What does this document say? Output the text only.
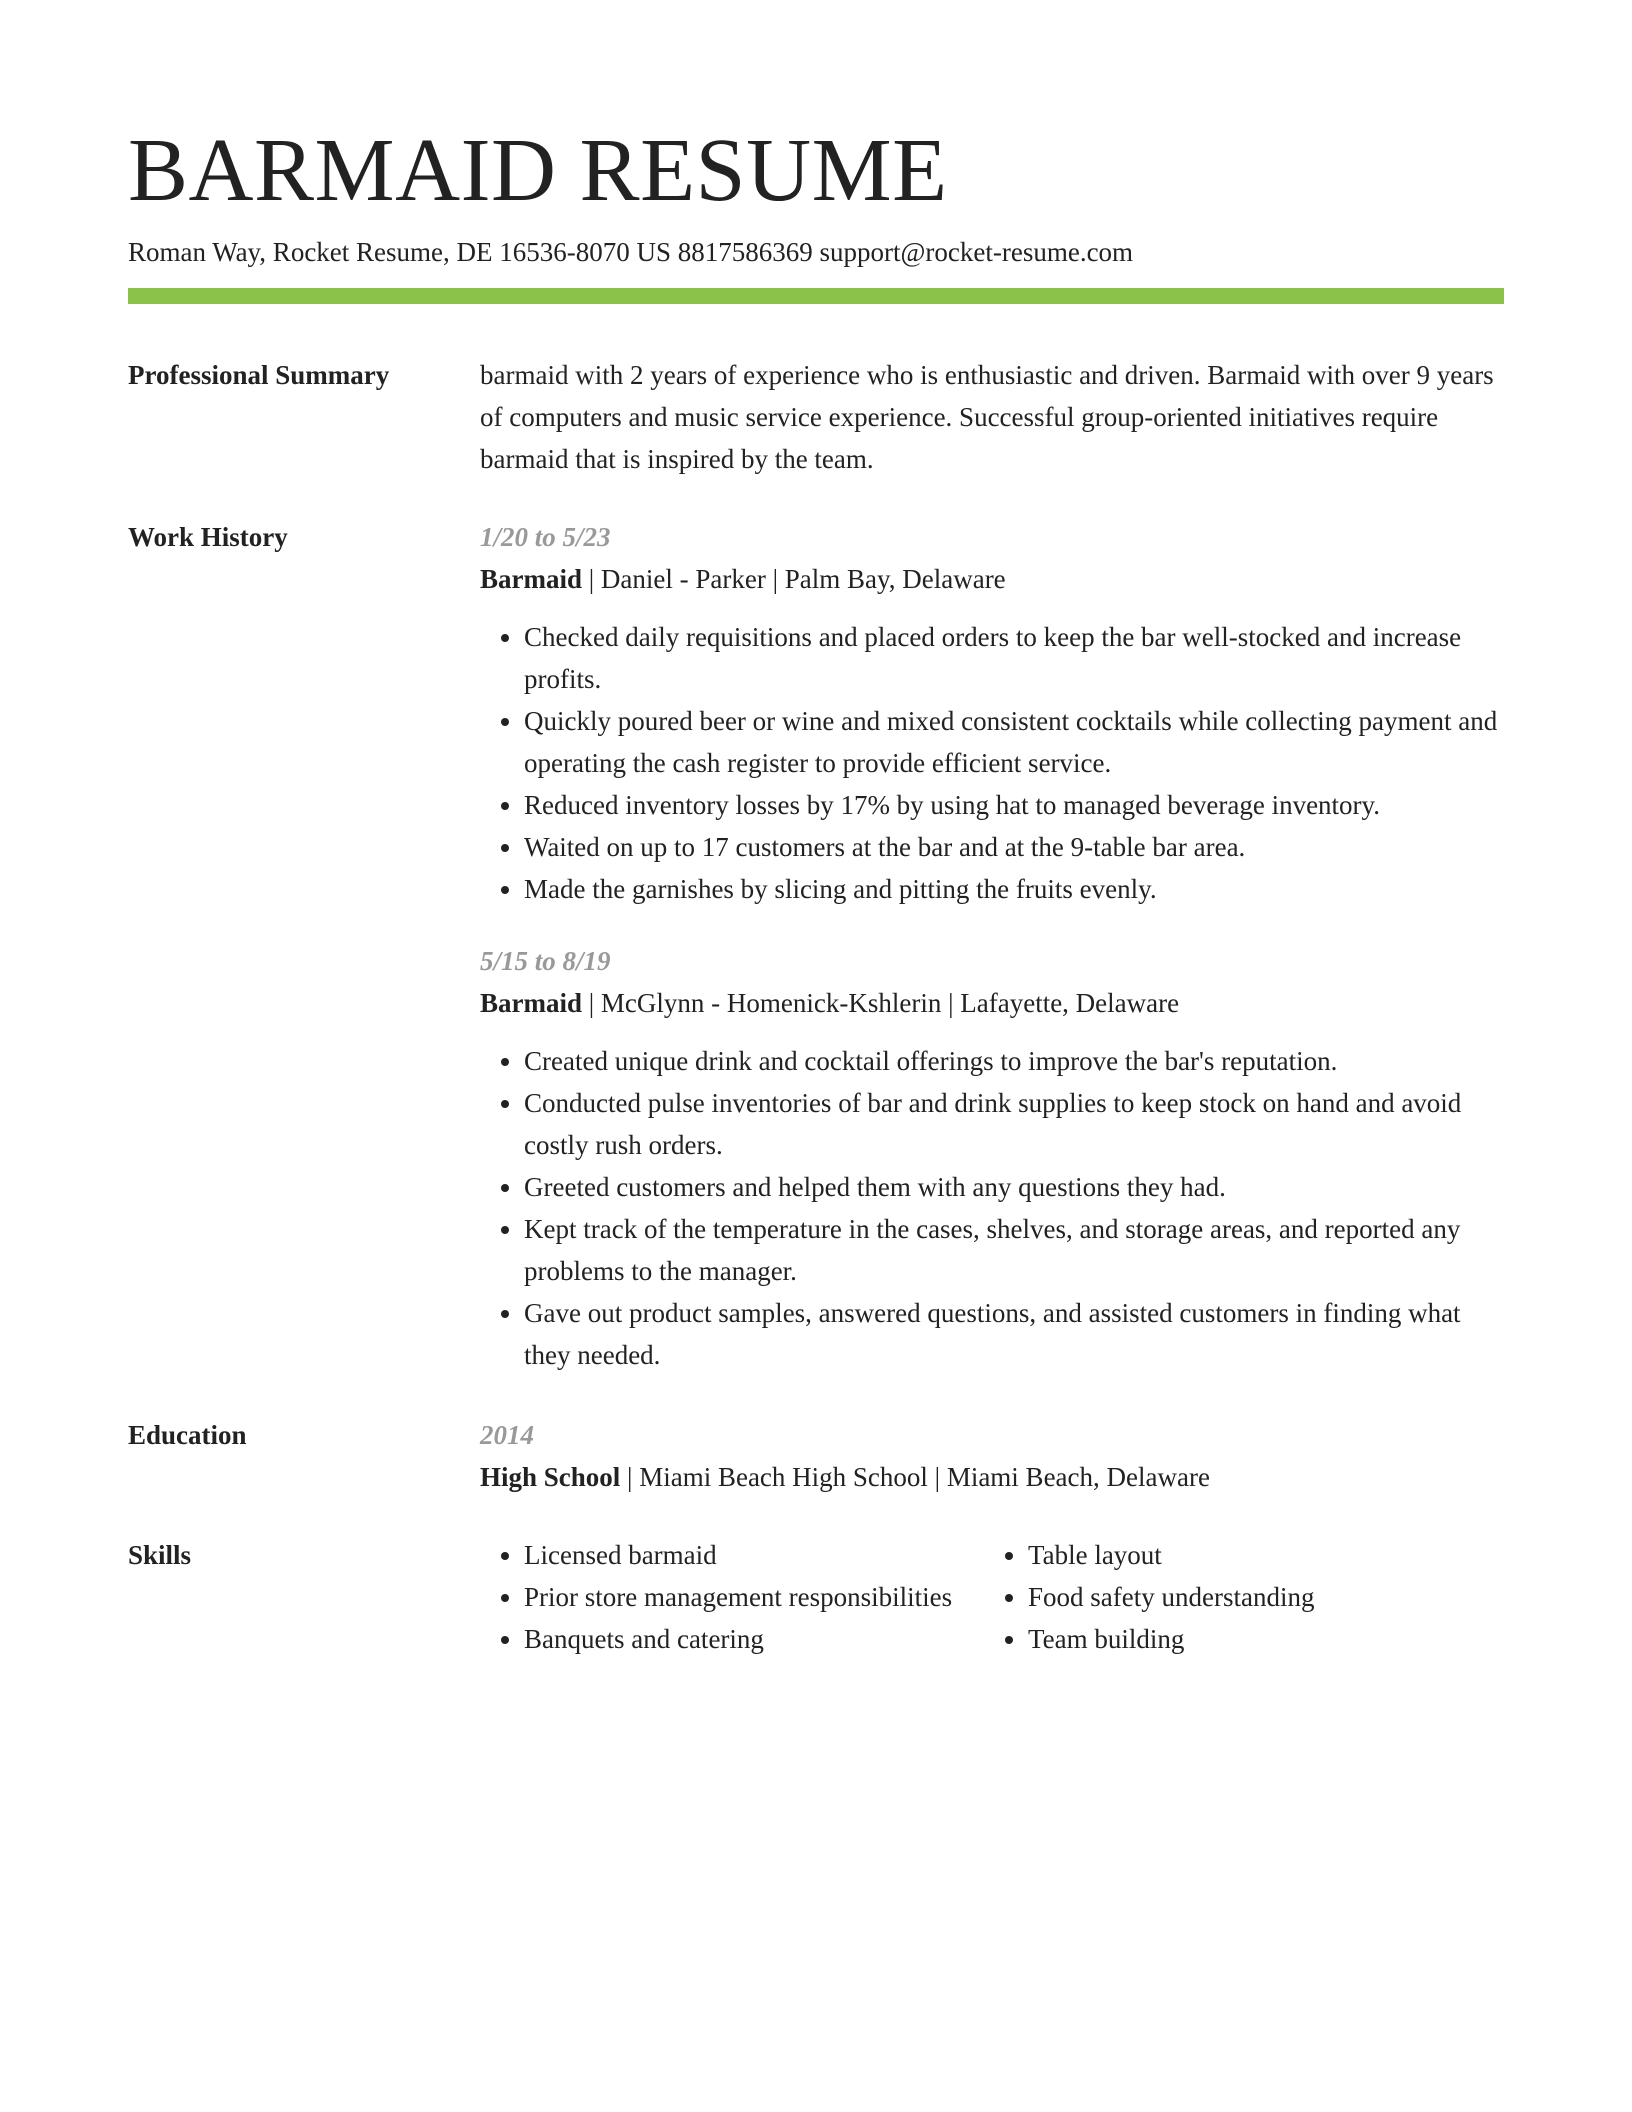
BARMAID RESUME
Roman Way, Rocket Resume, DE 16536-8070 US 8817586369 support@rocket-resume.com
Professional Summary	barmaid with 2 years of experience who is enthusiastic and driven. Barmaid with over 9 years of computers and music service experience. Successful group-oriented initiatives require barmaid that is inspired by the team.
Work History	1/20 to 5/23
Barmaid | Daniel - Parker | Palm Bay, Delaware
• Checked daily requisitions and placed orders to keep the bar well-stocked and increase profits.
• Quickly poured beer or wine and mixed consistent cocktails while collecting payment and operating the cash register to provide efficient service.
• Reduced inventory losses by 17% by using hat to managed beverage inventory.
• Waited on up to 17 customers at the bar and at the 9-table bar area.
• Made the garnishes by slicing and pitting the fruits evenly.
5/15 to 8/19
Barmaid | McGlynn - Homenick-Kshlerin | Lafayette, Delaware
• Created unique drink and cocktail offerings to improve the bar's reputation.
• Conducted pulse inventories of bar and drink supplies to keep stock on hand and avoid costly rush orders.
• Greeted customers and helped them with any questions they had.
• Kept track of the temperature in the cases, shelves, and storage areas, and reported any problems to the manager.
• Gave out product samples, answered questions, and assisted customers in finding what they needed.
Education	2014
High School | Miami Beach High School | Miami Beach, Delaware
Skills
•	Licensed barmaid
• Prior store management responsibilities
• Banquets and catering
• Table layout
• Food safety understanding
• Team building
